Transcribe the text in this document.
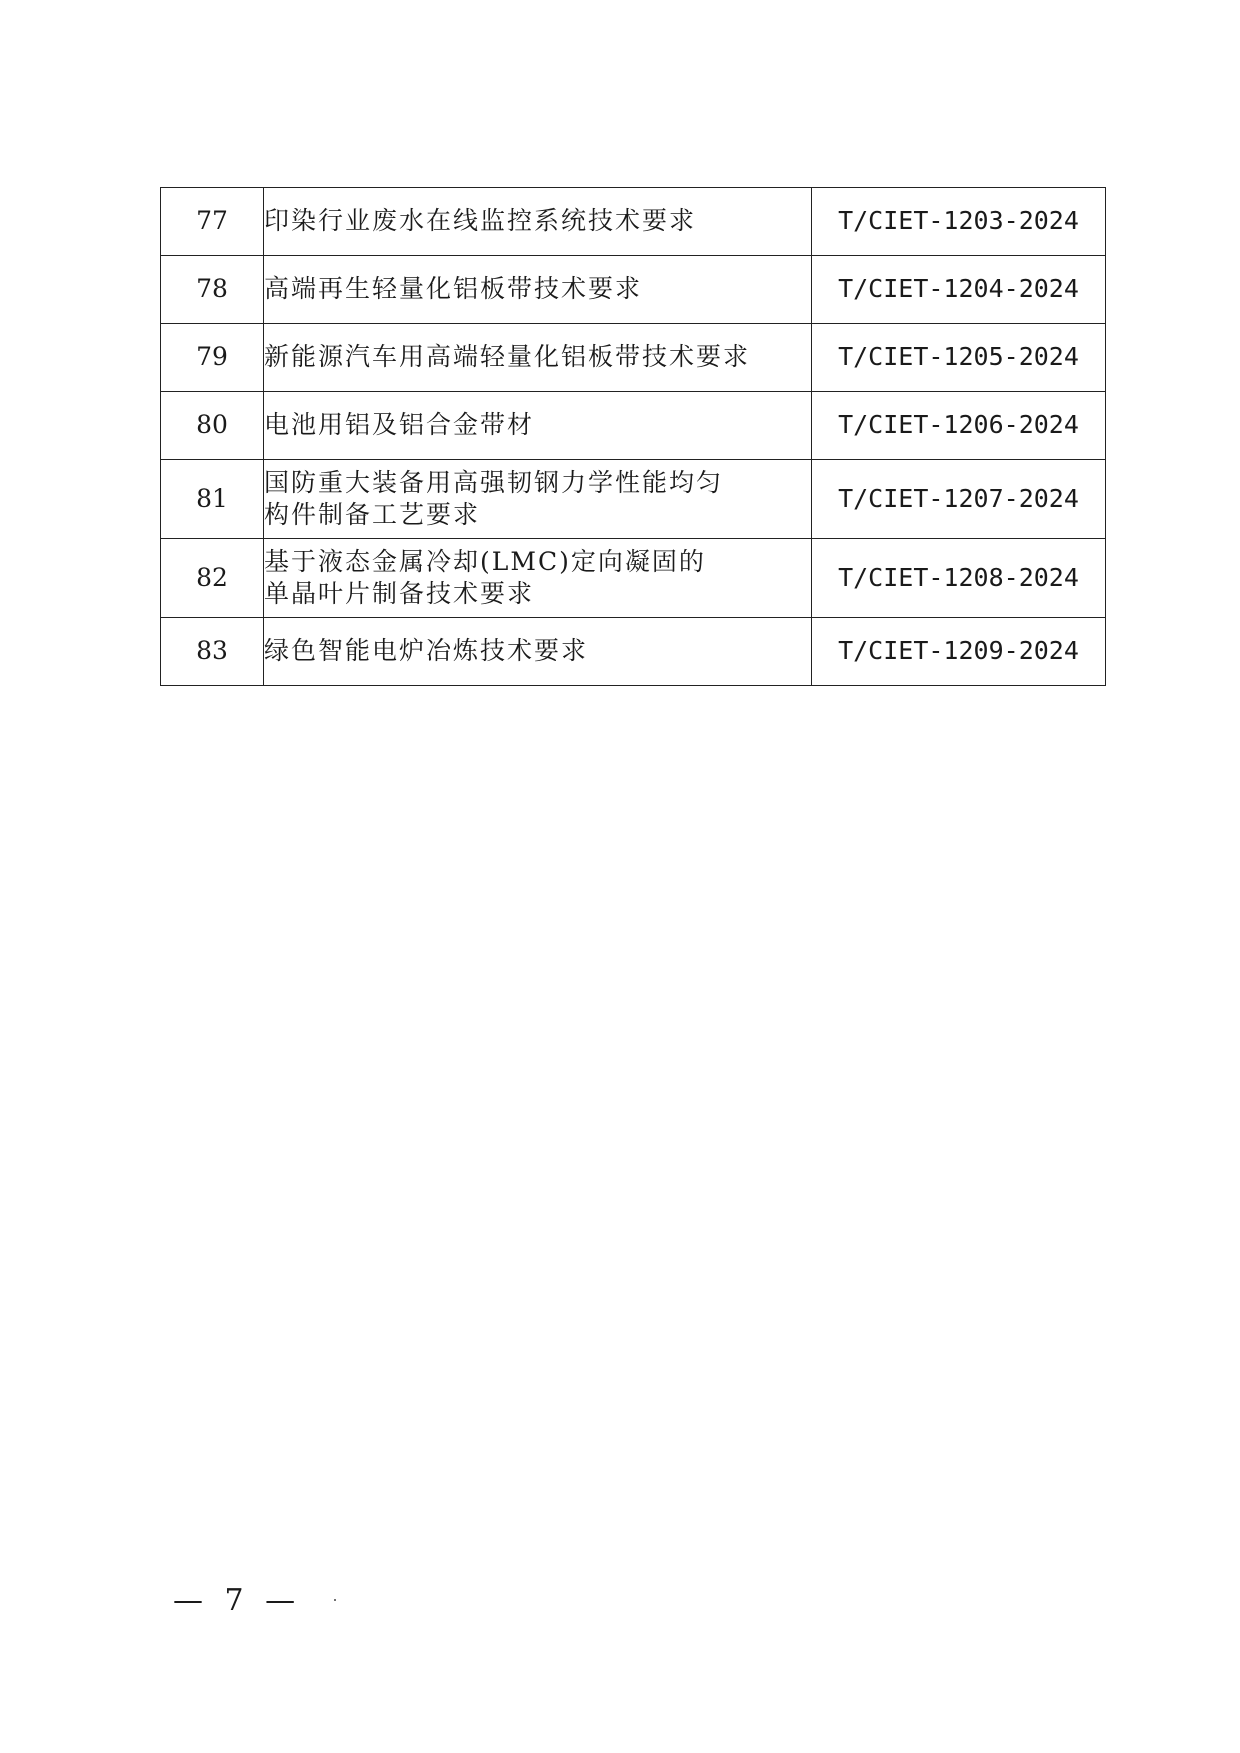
77	印染行业废水在线监控系统技术要求	T/CIET-1203-2024
78	高端再生轻量化铝板带技术要求	T/CIET-1204-2024
79	新能源汽车用高端轻量化铝板带技术要求	T/CIET-1205-2024
80	电池用铝及铝合金带材	T/CIET-1206-2024
81	国防重大装备用高强韧钢力学性能均匀
构件制备工艺要求	T/CIET-1207-2024
82	基于液态金属冷却(LMC)定向凝固的
单晶叶片制备技术要求	T/CIET-1208-2024
83	绿色智能电炉冶炼技术要求	T/CIET-1209-2024
— 7 —
